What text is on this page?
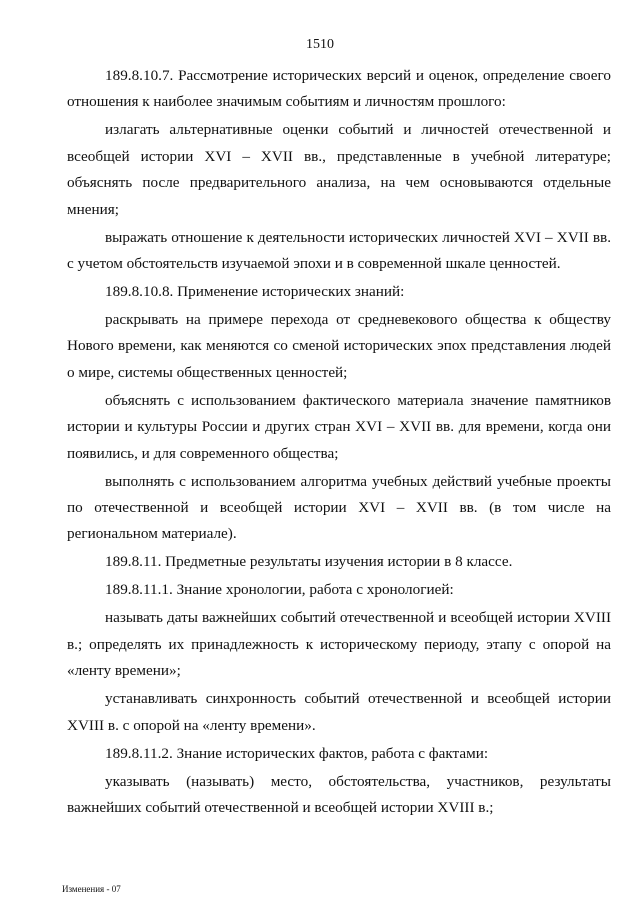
1510

189.8.10.7. Рассмотрение исторических версий и оценок, определение своего отношения к наиболее значимым событиям и личностям прошлого:

излагать альтернативные оценки событий и личностей отечественной и всеобщей истории XVI – XVII вв., представленные в учебной литературе; объяснять после предварительного анализа, на чем основываются отдельные мнения;

выражать отношение к деятельности исторических личностей XVI – XVII вв. с учетом обстоятельств изучаемой эпохи и в современной шкале ценностей.

189.8.10.8. Применение исторических знаний:

раскрывать на примере перехода от средневекового общества к обществу Нового времени, как меняются со сменой исторических эпох представления людей о мире, системы общественных ценностей;

объяснять с использованием фактического материала значение памятников истории и культуры России и других стран XVI – XVII вв. для времени, когда они появились, и для современного общества;

выполнять с использованием алгоритма учебных действий учебные проекты по отечественной и всеобщей истории XVI – XVII вв. (в том числе на региональном материале).

189.8.11. Предметные результаты изучения истории в 8 классе.

189.8.11.1. Знание хронологии, работа с хронологией:

называть даты важнейших событий отечественной и всеобщей истории XVIII в.; определять их принадлежность к историческому периоду, этапу с опорой на «ленту времени»;

устанавливать синхронность событий отечественной и всеобщей истории XVIII в. с опорой на «ленту времени».

189.8.11.2. Знание исторических фактов, работа с фактами:

указывать (называть) место, обстоятельства, участников, результаты важнейших событий отечественной и всеобщей истории XVIII в.;

Изменения - 07
